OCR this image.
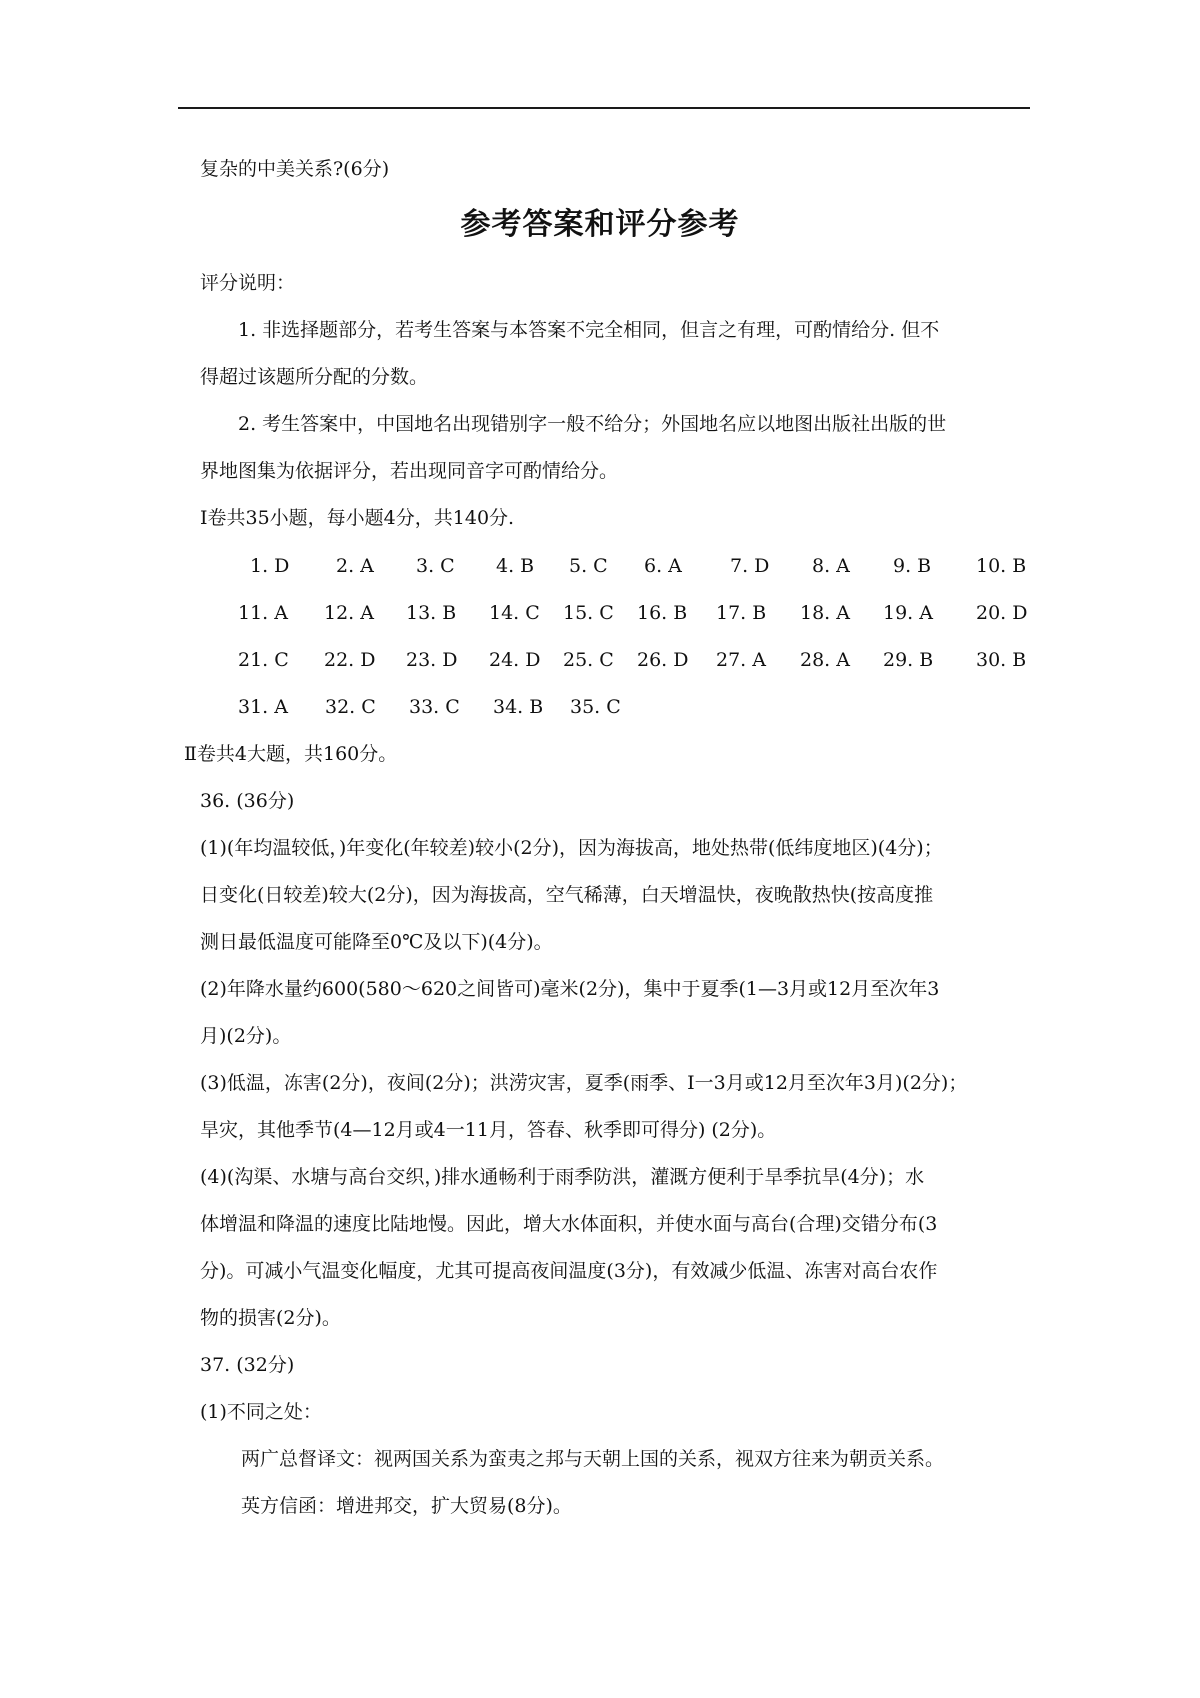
复杂的中美关系?(6分)
参考答案和评分参考
评分说明：
1. 非选择题部分，若考生答案与本答案不完全相同，但言之有理，可酌情给分. 但不
得超过该题所分配的分数。
2. 考生答案中，中国地名出现错别字一般不给分；外国地名应以地图出版社出版的世
界地图集为依据评分，若出现同音字可酌情给分。
Ⅰ卷共35小题，每小题4分，共140分.
1. D 2. A 3. C 4. B 5. C 6. A	7. D 8. A 9. B 10. B
11. A 12. A 13. B 14. C 15. C 16. B 17. B 18. A 19. A 20. D
21. C 22. D 23. D 24. D 25. C 26. D 27. A 28. A 29. B 30. B
31. A 32. C 33. C 34. B 35. C
Ⅱ卷共4大题，共160分。
36. (36分)
(1)(年均温较低，)年变化(年较差)较小(2分)，因为海拔高，地处热带(低纬度地区)(4分)；
日变化(日较差)较大(2分)，因为海拔高，空气稀薄，白天增温快，夜晚散热快(按高度推
测日最低温度可能降至0℃及以下)(4分)。
(2)年降水量约600(580～620之间皆可)毫米(2分)，集中于夏季(1—3月或12月至次年3
月)(2分)。
(3)低温，冻害(2分)，夜间(2分)；洪涝灾害，夏季(雨季、I一3月或12月至次年3月)(2分)；
旱灾，其他季节(4—12月或4一11月，答春、秋季即可得分) (2分)。
(4)(沟渠、水塘与高台交织，)排水通畅利于雨季防洪，灌溉方便利于旱季抗旱(4分)；水
体增温和降温的速度比陆地慢。因此，增大水体面积，并使水面与高台(合理)交错分布(3
分)。可减小气温变化幅度，尤其可提高夜间温度(3分)，有效减少低温、冻害对高台农作
物的损害(2分)。
37. (32分)
(1)不同之处：
两广总督译文：视两国关系为蛮夷之邦与天朝上国的关系，视双方往来为朝贡关系。
英方信函：增进邦交，扩大贸易(8分)。
